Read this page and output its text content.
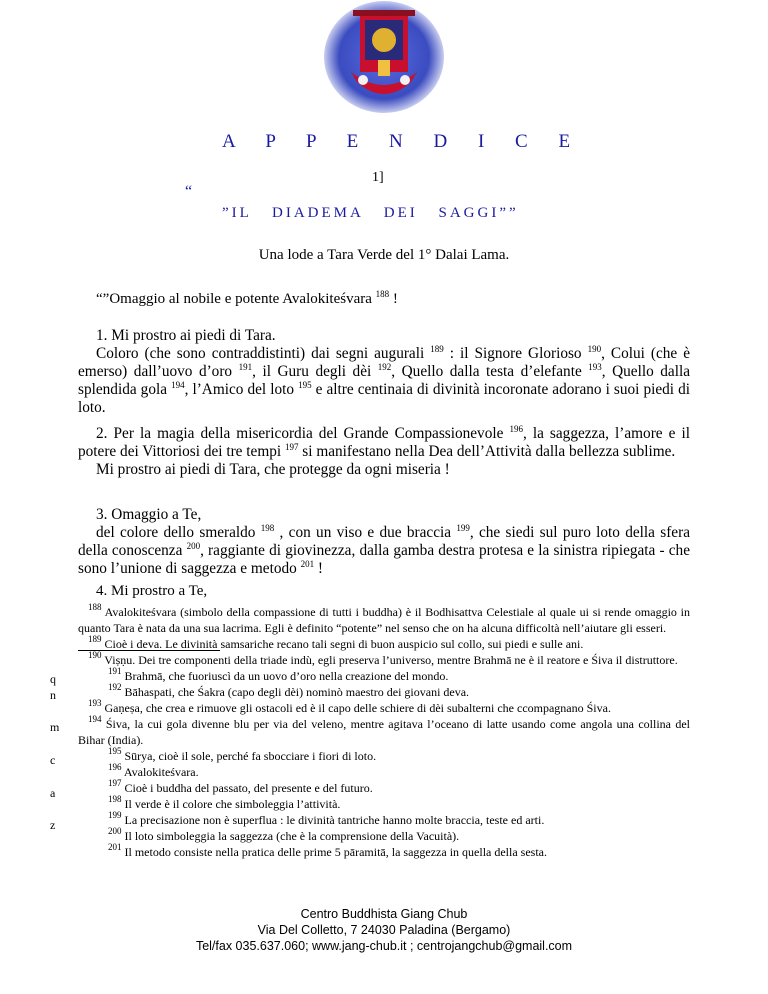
A P P E N D I C E
1]
“
”IL DIADEMA DEI SAGGI””
Una lode a Tara Verde del 1° Dalai Lama.
“”Omaggio al nobile e potente Avalokiteśvara $^{188}$ !

1. Mi prostro ai piedi di Tara.

Coloro (che sono contraddistinti) dai segni augurali $^{189}$ : il Signore Glorioso $^{190}$, Colui (che è emerso) dall’uovo d’oro $^{191}$, il Guru degli dèi $^{192}$, Quello dalla testa d’elefante $^{193}$, Quello dalla splendida gola $^{194}$, l’Amico del loto $^{195}$ e altre centinaia di divinità incoronate adorano i suoi piedi di loto.

2. Per la magia della misericordia del Grande Compassionevole $^{196}$, la saggezza, l’amore e il potere dei Vittoriosi dei tre tempi $^{197}$ si manifestano nella Dea dell’Attività dalla bellezza sublime.

Mi prostro ai piedi di Tara, che protegge da ogni miseria !

3. Omaggio a Te,

del colore dello smeraldo $^{198}$ , con un viso e due braccia $^{199}$, che siedi sul puro loto della sfera della conoscenza $^{200}$, raggiante di giovinezza, dalla gamba destra protesa e la sinistra ripiegata - che sono l’unione di saggezza e metodo $^{201}$ !

4. Mi prostro a Te,
$^{188}$ Avalokiteśvara (simbolo della compassione di tutti i buddha) è il Bodhisattva Celestiale al quale ui si rende omaggio in quanto Tara è nata da una sua lacrima. Egli è definito “potente” nel senso che on ha alcuna difficoltà nell’aiutare gli esseri.
$^{189}$ Cioè i deva. Le divinità samsariche recano tali segni di buon auspicio sul collo, sui piedi e sulle ani.
$^{190}$ Viṣṇu. Dei tre componenti della triade indù, egli preserva l’universo, mentre Brahmā ne è il reatore e Śiva il distruttore.
$^{191}$ Brahmā, che fuoriuscì da un uovo d’oro nella creazione del mondo.
$^{192}$ Bāhaspati, che Śakra (capo degli dèi) nominò maestro dei giovani deva.
$^{193}$ Gaṇeṣa, che crea e rimuove gli ostacoli ed è il capo delle schiere di dèi subalterni che ccompagnano Śiva.
$^{194}$ Śiva, la cui gola divenne blu per via del veleno, mentre agitava l’oceano di latte usando come angola una collina del Bihar (India).
$^{195}$ Sūrya, cioè il sole, perché fa sbocciare i fiori di loto.
$^{196}$ Avalokiteśvara.
$^{197}$ Cioè i buddha del passato, del presente e del futuro.
$^{198}$ Il verde è il colore che simboleggia l’attività.
$^{199}$ La precisazione non è superflua : le divinità tantriche hanno molte braccia, teste ed arti.
$^{200}$ Il loto simboleggia la saggezza (che è la comprensione della Vacuità).
$^{201}$ Il metodo consiste nella pratica delle prime 5 pāramitā, la saggezza in quella della sesta.
q
n
m
c
a
z
Centro Buddhista Giang Chub
Via Del Colletto, 7 24030 Paladina (Bergamo)
Tel/fax 035.637.060; www.jang-chub.it ; centrojangchub@gmail.com
